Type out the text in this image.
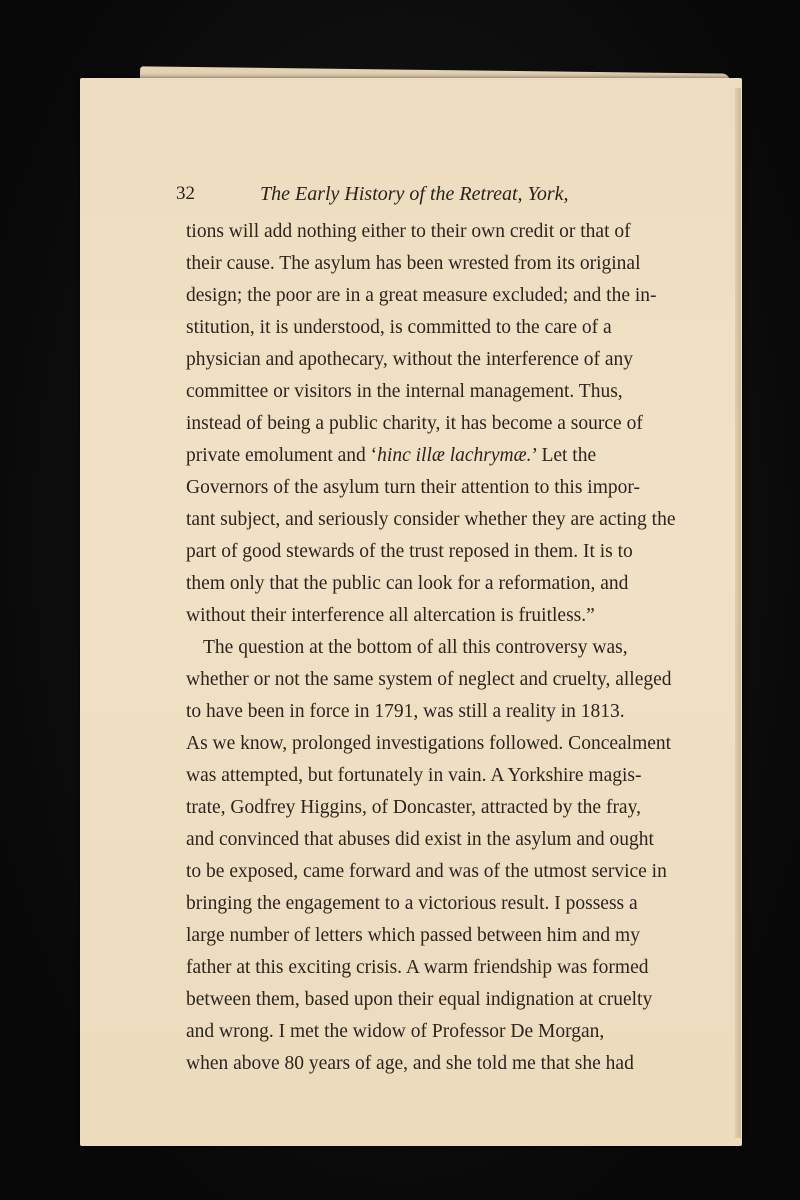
32	The Early History of the Retreat, York,
tions will add nothing either to their own credit or that of
their cause. The asylum has been wrested from its original
design; the poor are in a great measure excluded; and the in-
stitution, it is understood, is committed to the care of a
physician and apothecary, without the interference of any
committee or visitors in the internal management. Thus,
instead of being a public charity, it has become a source of
private emolument and ‘hinc illæ lachrymæ.’ Let the
Governors of the asylum turn their attention to this impor-
tant subject, and seriously consider whether they are acting the
part of good stewards of the trust reposed in them. It is to
them only that the public can look for a reformation, and
without their interference all altercation is fruitless.”
The question at the bottom of all this controversy was,
whether or not the same system of neglect and cruelty, alleged
to have been in force in 1791, was still a reality in 1813.
As we know, prolonged investigations followed. Concealment
was attempted, but fortunately in vain. A Yorkshire magis-
trate, Godfrey Higgins, of Doncaster, attracted by the fray,
and convinced that abuses did exist in the asylum and ought
to be exposed, came forward and was of the utmost service in
bringing the engagement to a victorious result. I possess a
large number of letters which passed between him and my
father at this exciting crisis. A warm friendship was formed
between them, based upon their equal indignation at cruelty
and wrong. I met the widow of Professor De Morgan,
when above 80 years of age, and she told me that she had
